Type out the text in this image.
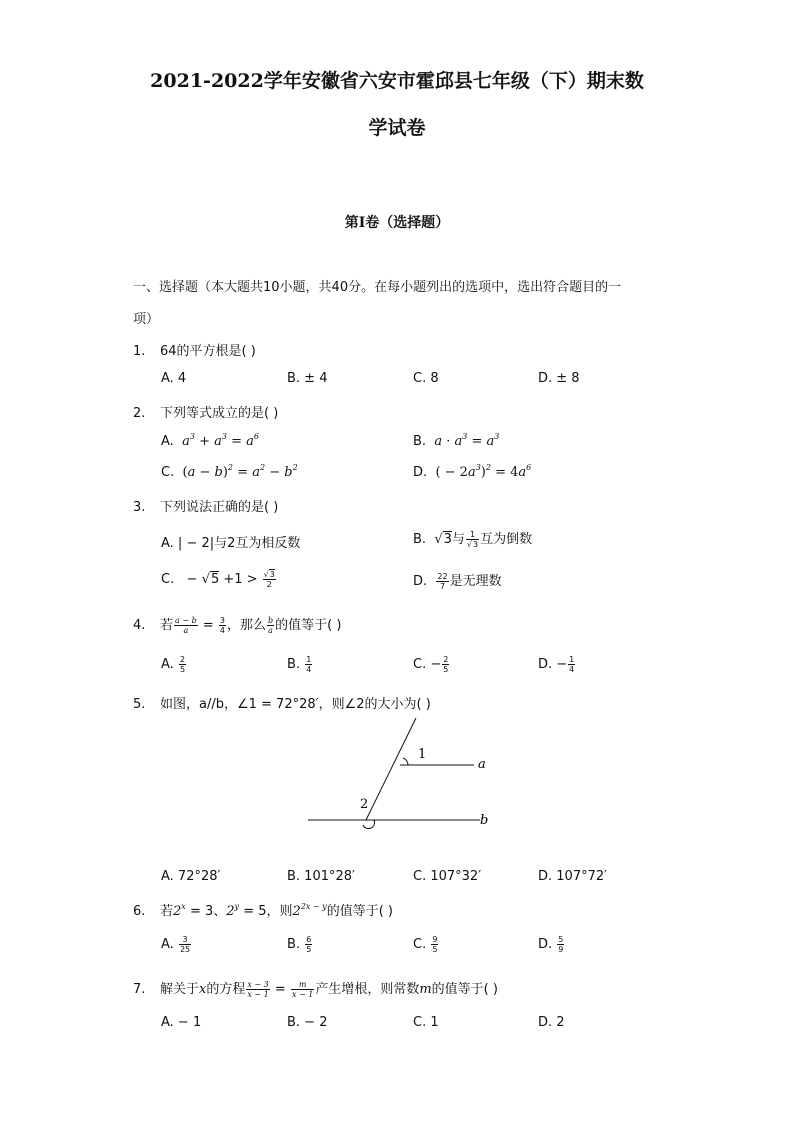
2021-2022学年安徽省六安市霍邱县七年级（下）期末数
学试卷
第I卷（选择题）
一、选择题（本大题共10小题，共40分。在每小题列出的选项中，选出符合题目的一
项）
1. 64的平方根是( )
A. 4	B. ± 4	C. 8	D. ± 8
2. 下列等式成立的是( )
A.  $a^3 + a^3 = a^6$	B.  $a \cdot a^3 = a^3$
C. $(a - b)^2 = a^2 - b^2$	D. ( − $2a^3)^2 = 4a^6$
3. 下列说法正确的是( )
A. | − 2|与2互为相反数	B.  √3与 $\frac{1}{√3}$ 互为倒数
C.   − $√5 +1 > \frac{√3}{2}$	D. $\frac{22}{7}$ 是无理数
4. 若 $\frac{a - b}{a} = \frac{3}{4}$ ，那么 $\frac{b}{a}$ 的值等于( )
A. $\frac{2}{5}$	B. $\frac{1}{4}$	C. − $\frac{2}{5}$	D. − $\frac{1}{4}$
5. 如图，a//b，∠1 = 72°28′，则∠2的大小为( )
1
2
a
b
A. 72°28′	B. 101°28′	C. 107°32′	D. 107°72′
6. 若$2^x = 3$、$2^y = 5$，则$2^{2x - y}$的值等于( )
A. $\frac{3}{25}$	B. $\frac{6}{5}$	C. $\frac{9}{5}$	D. $\frac{5}{9}$
7. 解关于x的方程 $\frac{x - 3}{x - 1} = \frac{m}{x - 1}$ 产生增根，则常数m的值等于( )
A. − 1	B. − 2	C. 1	D. 2
